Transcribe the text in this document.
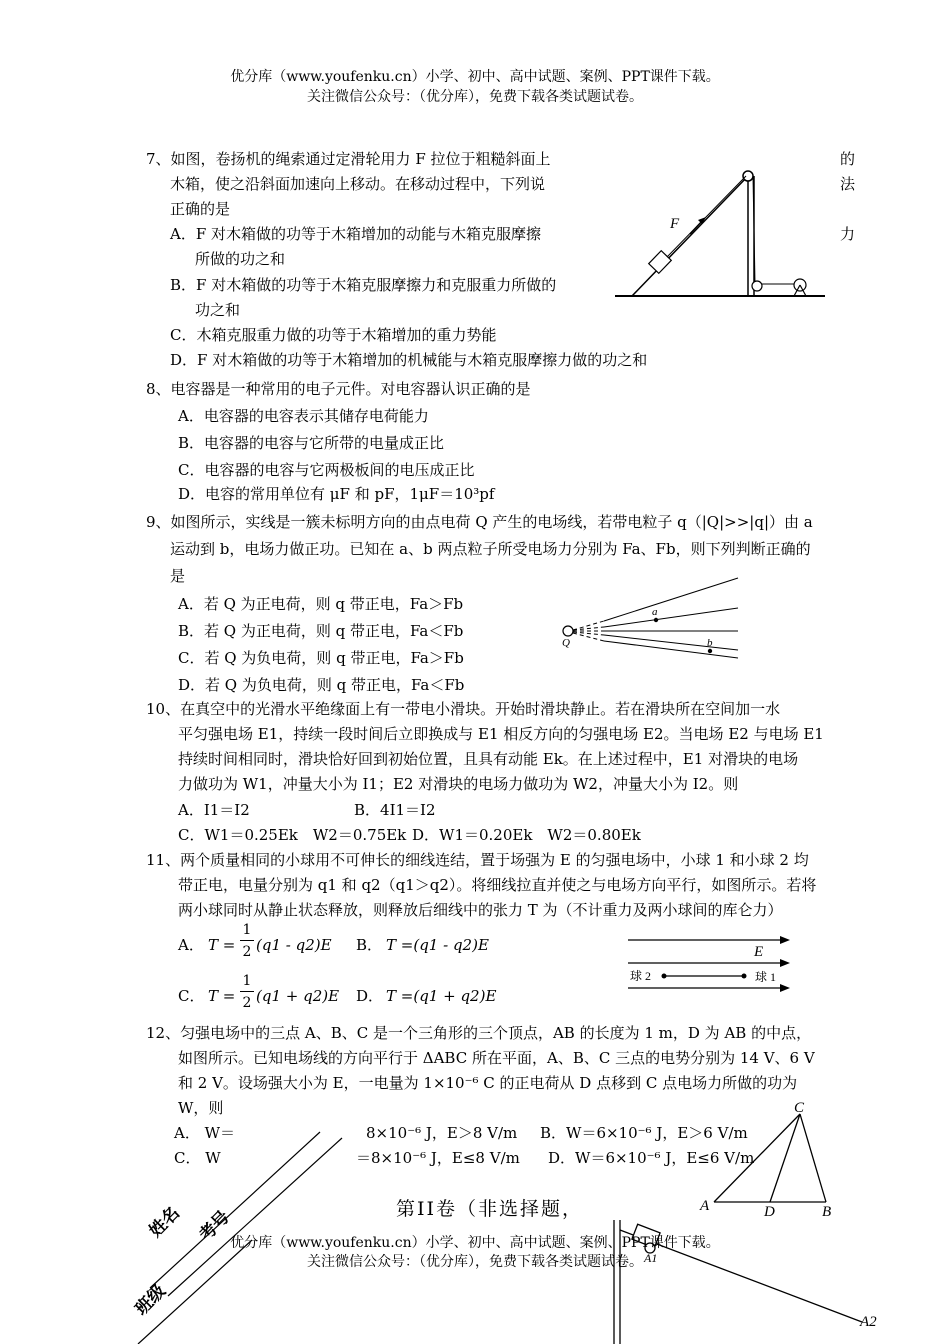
优分库（www.youfenku.cn）小学、初中、高中试题、案例、PPT课件下载。
关注微信公众号：（优分库），免费下载各类试题试卷。
7、如图，卷扬机的绳索通过定滑轮用力 F 拉位于粗糙斜面上	的
木箱，使之沿斜面加速向上移动。在移动过程中，下列说	法
正确的是
A．F 对木箱做的功等于木箱增加的动能与木箱克服摩擦	力
所做的功之和
B．F 对木箱做的功等于木箱克服摩擦力和克服重力所做的
功之和
C．木箱克服重力做的功等于木箱增加的重力势能
D．F 对木箱做的功等于木箱增加的机械能与木箱克服摩擦力做的功之和
F
8、电容器是一种常用的电子元件。对电容器认识正确的是
A．电容器的电容表示其储存电荷能力
B．电容器的电容与它所带的电量成正比
C．电容器的电容与它两极板间的电压成正比
D．电容的常用单位有 μF 和 pF，1μF＝10³pf
9、如图所示，实线是一簇未标明方向的由点电荷 Q 产生的电场线，若带电粒子 q（|Q|>>|q|）由 a
运动到 b，电场力做正功。已知在 a、b 两点粒子所受电场力分别为 Fa、Fb，则下列判断正确的
是
A．若 Q 为正电荷，则 q 带正电，Fa＞Fb
B．若 Q 为正电荷，则 q 带正电，Fa＜Fb
C．若 Q 为负电荷，则 q 带正电，Fa＞Fb
D．若 Q 为负电荷，则 q 带正电，Fa＜Fb
Q
a
b
10、在真空中的光滑水平绝缘面上有一带电小滑块。开始时滑块静止。若在滑块所在空间加一水
平匀强电场 E1，持续一段时间后立即换成与 E1 相反方向的匀强电场 E2。当电场 E2 与电场 E1
持续时间相同时，滑块恰好回到初始位置，且具有动能 Ek。在上述过程中，E1 对滑块的电场
力做功为 W1，冲量大小为 I1；E2 对滑块的电场力做功为 W2，冲量大小为 I2。则
A．I1＝I2	B．4I1＝I2
C．W1＝0.25Ek　W2＝0.75Ek D．W1＝0.20Ek　W2＝0.80Ek
11、两个质量相同的小球用不可伸长的细线连结，置于场强为 E 的匀强电场中，小球 1 和小球 2 均
带正电，电量分别为 q1 和 q2（q1＞q2）。将细线拉直并使之与电场方向平行，如图所示。若将
两小球同时从静止状态释放，则释放后细线中的张力 T 为（不计重力及两小球间的库仑力）
A． T =
1
2 (q1 - q2)E B． T =(q1 - q2)E
C． T =
1
2 (q1 + q2)E D． T =(q1 + q2)E
E
球 2	球 1
12、匀强电场中的三点 A、B、C 是一个三角形的三个顶点，AB 的长度为 1 m，D 为 AB 的中点，
如图所示。已知电场线的方向平行于 ΔABC 所在平面，A、B、C 三点的电势分别为 14 V、6 V
和 2 V。设场强大小为 E，一电量为 1×10⁻⁶ C 的正电荷从 D 点移到 C 点电场力所做的功为
W，则
A． W＝	8×10⁻⁶ J，E＞8 V/m B．W＝6×10⁻⁶ J，E＞6 V/m
C． W	＝8×10⁻⁶ J，E≤8 V/m D．W＝6×10⁻⁶ J，E≤6 V/m
C
A	D	B
第II卷（非选择题，
姓名 考号
班级
A2
A1
优分库（www.youfenku.cn）小学、初中、高中试题、案例、PPT课件下载。
关注微信公众号：（优分库），免费下载各类试题试卷。
